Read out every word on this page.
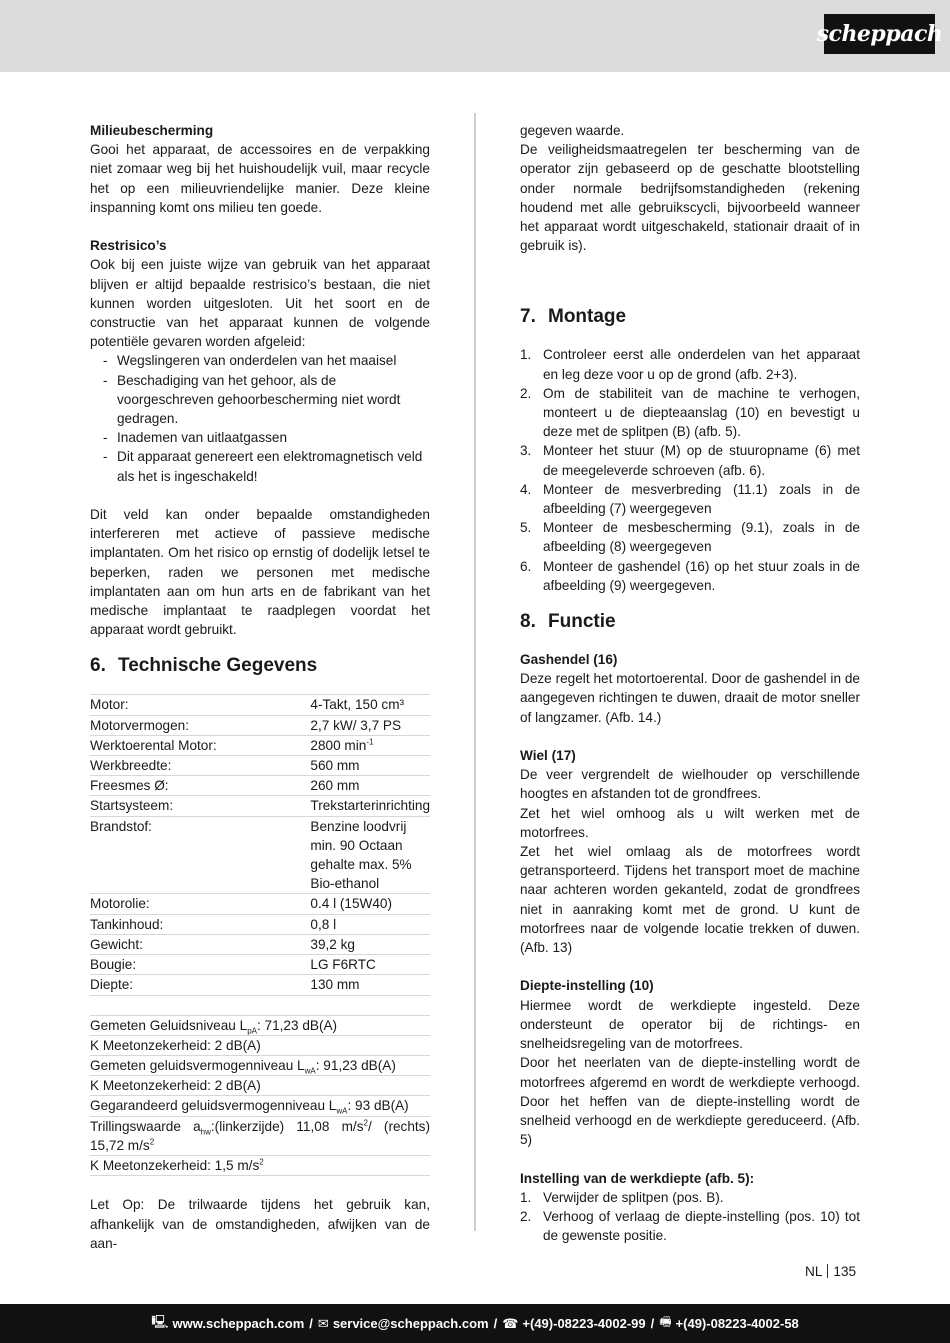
scheppach

Milieubescherming

Gooi het apparaat, de accessoires en de verpakking niet zomaar weg bij het huishoudelijk vuil, maar recycle het op een milieuvriendelijke manier. Deze kleine inspanning komt ons milieu ten goede.

Restrisico’s

Ook bij een juiste wijze van gebruik van het apparaat blijven er altijd bepaalde restrisico’s bestaan, die niet kunnen worden uitgesloten. Uit het soort en de constructie van het apparaat kunnen de volgende potentiële gevaren worden afgeleid:

- Wegslingeren van onderdelen van het maaisel
- Beschadiging van het gehoor, als de voorgeschreven gehoorbescherming niet wordt gedragen.
- Inademen van uitlaatgassen
- Dit apparaat genereert een elektromagnetisch veld als het is ingeschakeld!

Dit veld kan onder bepaalde omstandigheden interfereren met actieve of passieve medische implantaten. Om het risico op ernstig of dodelijk letsel te beperken, raden we personen met medische implantaten aan om hun arts en de fabrikant van het medische implantaat te raadplegen voordat het apparaat wordt gebruikt.

6. Technische Gegevens

Motor:	4-Takt, 150 cm³
Motorvermogen:	2,7 kW/ 3,7 PS
Werktoerental Motor:	2800 $\min^{-1}$
Werkbreedte:	560 mm
Freesmes Ø:	260 mm
Startsysteem:	Trekstarterinrichting
Brandstof:	Benzine loodvrij min. 90 Octaan gehalte max. 5% Bio-ethanol
Motorolie:	0.4 l (15W40)
Tankinhoud:	0,8 l
Gewicht:	39,2 kg
Bougie:	LG F6RTC
Diepte:	130 mm
Gemeten Geluidsniveau $L_{pA}$: 71,23 dB(A)
K Meetonzekerheid: 2 dB(A)
Gemeten geluidsvermogenniveau $L_{wA}$: 91,23 dB(A)
K Meetonzekerheid: 2 dB(A)
Gegarandeerd geluidsvermogenniveau $L_{wA}$: 93 dB(A)
Trillingswaarde $a_{hw}:(linkerzijde)$ 11,08 $m/s^2/$ (rechts) 15,72 $m/s^2$
K Meetonzekerheid: 1,5 $m/s^2$

Let Op: De trilwaarde tijdens het gebruik kan, afhankelijk van de omstandigheden, afwijken van de aan-

gegeven waarde.

De veiligheidsmaatregelen ter bescherming van de operator zijn gebaseerd op de geschatte blootstelling onder normale bedrijfsomstandigheden (rekening houdend met alle gebruikscycli, bijvoorbeeld wanneer het apparaat wordt uitgeschakeld, stationair draait of in gebruik is).

7. Montage

1. Controleer eerst alle onderdelen van het apparaat en leg deze voor u op de grond (afb. 2+3).
2. Om de stabiliteit van de machine te verhogen, monteert u de diepteaanslag (10) en bevestigt u deze met de splitpen (B) (afb. 5).
3. Monteer het stuur (M) op de stuuropname (6) met de meegeleverde schroeven (afb. 6).
4. Monteer de mesverbreding (11.1) zoals in de afbeelding (7) weergegeven
5. Monteer de mesbescherming (9.1), zoals in de afbeelding (8) weergegeven
6. Monteer de gashendel (16) op het stuur zoals in de afbeelding (9) weergegeven.

8. Functie

Gashendel (16)

Deze regelt het motortoerental. Door de gashendel in de aangegeven richtingen te duwen, draait de motor sneller of langzamer. (Afb. 14.)

Wiel (17)

De veer vergrendelt de wielhouder op verschillende hoogtes en afstanden tot de grondfrees.

Zet het wiel omhoog als u wilt werken met de motorfrees.

Zet het wiel omlaag als de motorfrees wordt getransporteerd. Tijdens het transport moet de machine naar achteren worden gekanteld, zodat de grondfrees niet in aanraking komt met de grond. U kunt de motorfrees naar de volgende locatie trekken of duwen. (Afb. 13)

Diepte-instelling (10)

Hiermee wordt de werkdiepte ingesteld. Deze ondersteunt de operator bij de richtings- en snelheidsregeling van de motorfrees.

Door het neerlaten van de diepte-instelling wordt de motorfrees afgeremd en wordt de werkdiepte verhoogd. Door het heffen van de diepte-instelling wordt de snelheid verhoogd en de werkdiepte gereduceerd. (Afb. 5)

Instelling van de werkdiepte (afb. 5):

1. Verwijder de splitpen (pos. B).
2. Verhoog of verlaag de diepte-instelling (pos. 10) tot de gewenste positie.
NL 135
🖳 www.scheppach.com / ✉ service@scheppach.com / ☎ +(49)-08223-4002-99 / 🖷 +(49)-08223-4002-58
